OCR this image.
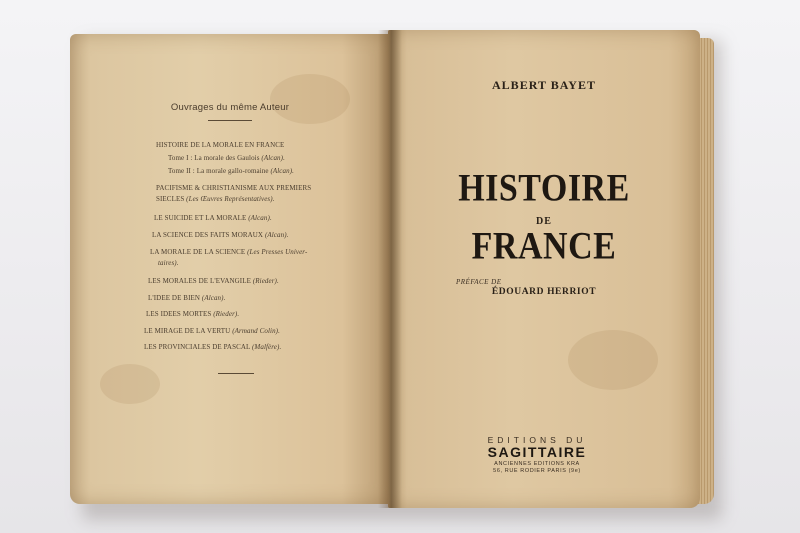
Ouvrages du même Auteur
HISTOIRE DE LA MORALE EN FRANCE
Tome I : La morale des Gaulois (Alcan).
Tome II : La morale gallo-romaine (Alcan).
PACIFISME & CHRISTIANISME AUX PREMIERS
SIECLES (Les Œuvres Représentatives).
LE SUICIDE ET LA MORALE (Alcan).
LA SCIENCE DES FAITS MORAUX (Alcan).
LA MORALE DE LA SCIENCE (Les Presses Univer-
taires).
LES MORALES DE L'EVANGILE (Rieder).
L'IDEE DE BIEN (Alcan).
LES IDEES MORTES (Rieder).
LE MIRAGE DE LA VERTU (Armand Colin).
LES PROVINCIALES DE PASCAL (Malfère).
ALBERT BAYET
HISTOIRE
DE
FRANCE
PRÉFACE DE
ÉDOUARD HERRIOT
EDITIONS DU
SAGITTAIRE
ANCIENNES EDITIONS KRA
56, RUE RODIER PARIS (9e)
